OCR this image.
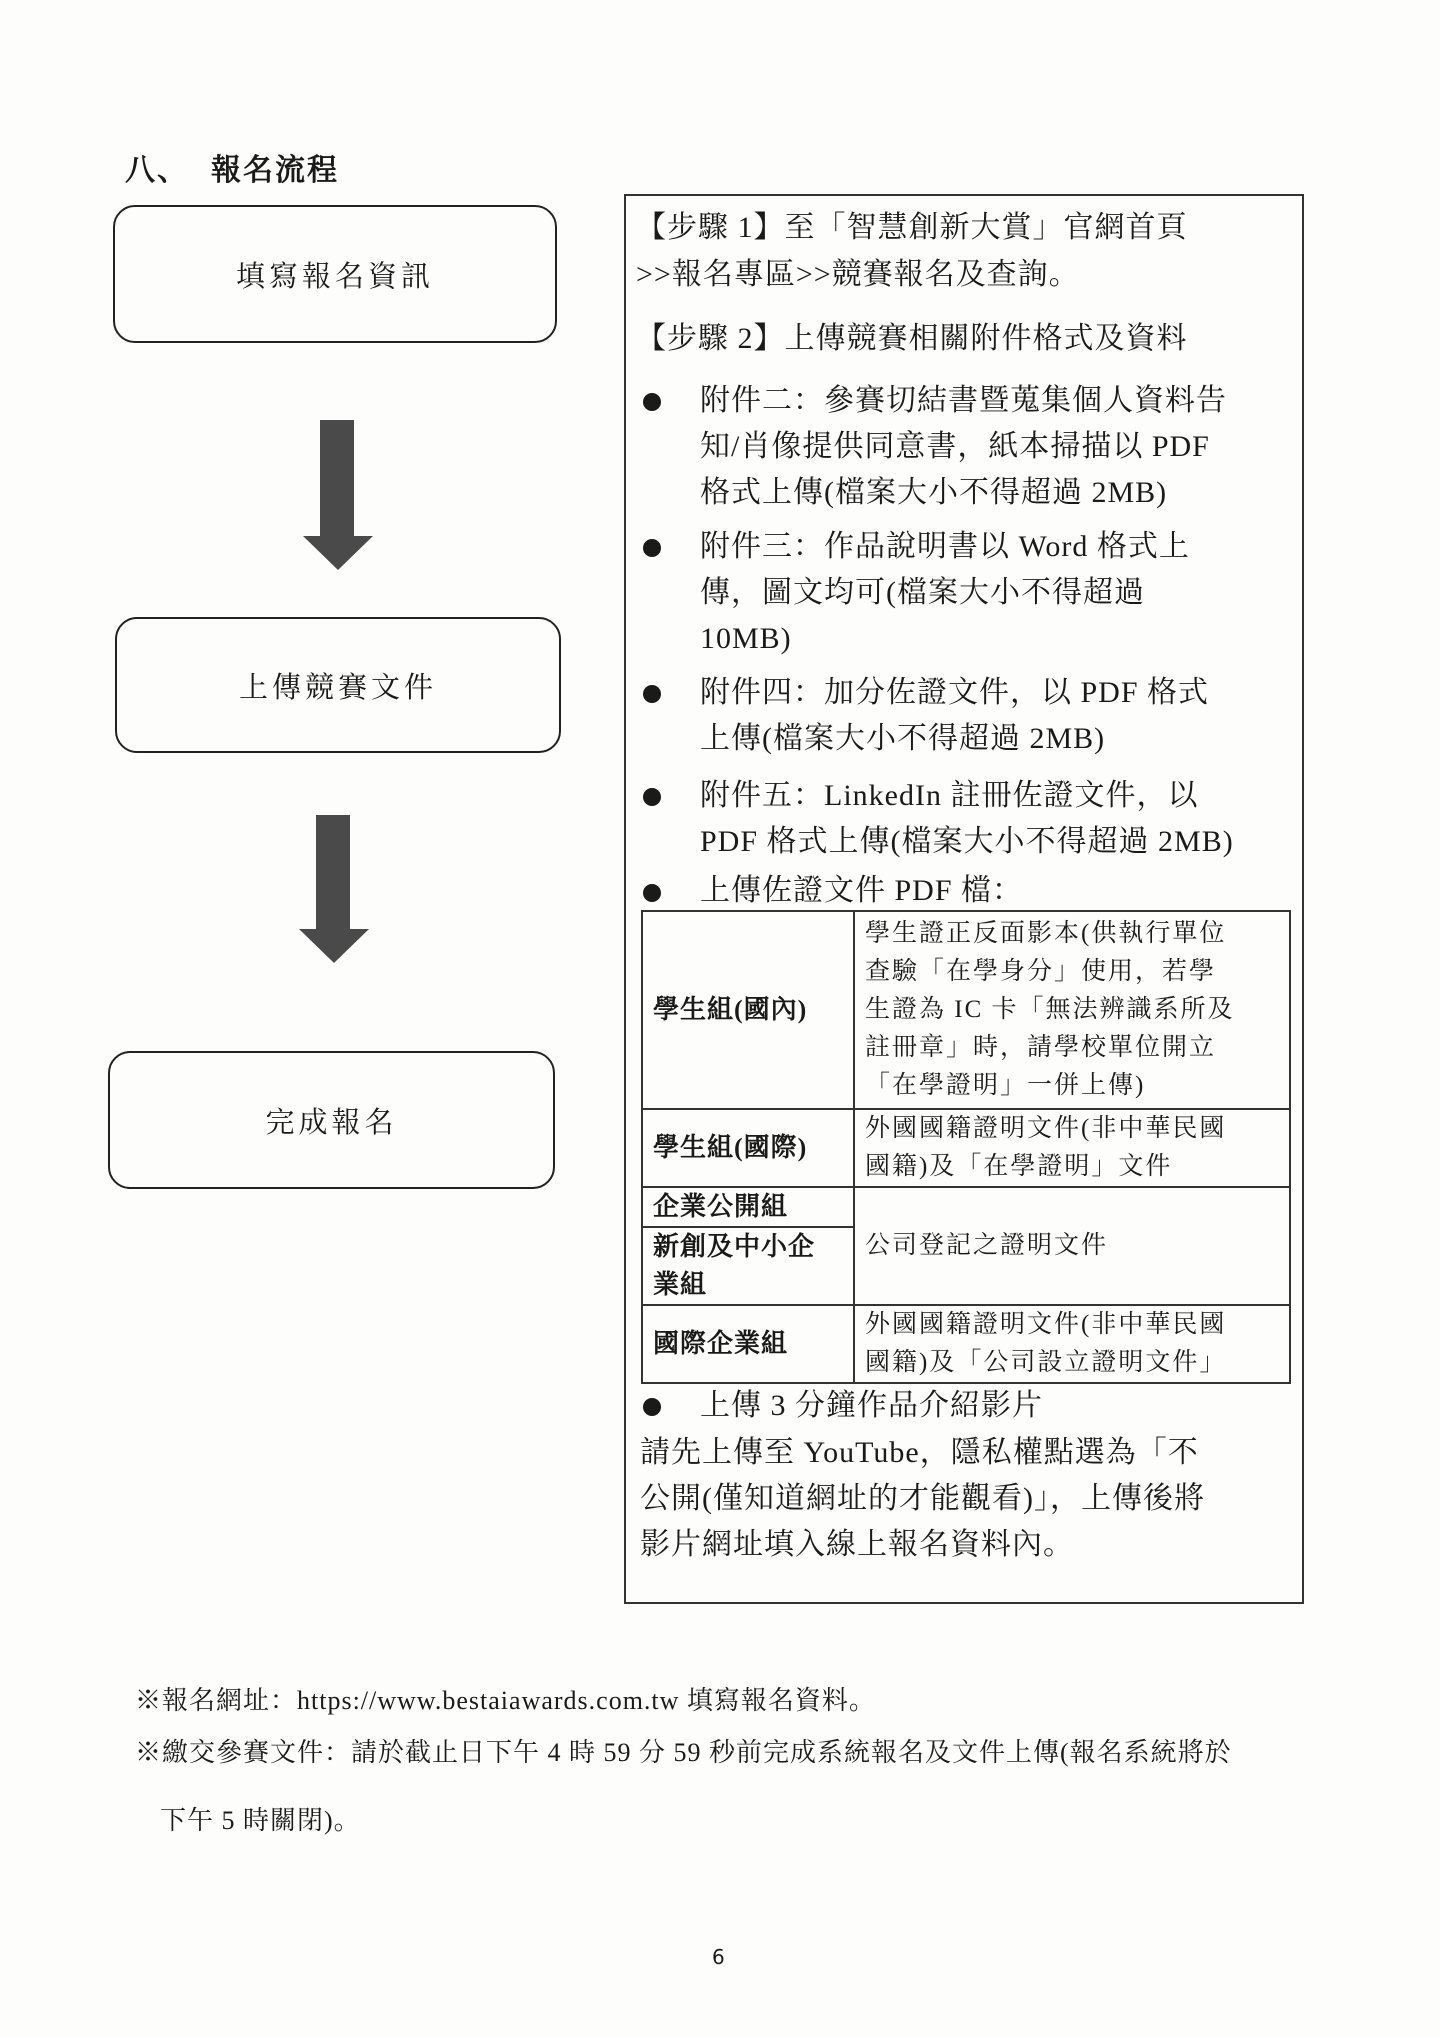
八、 報名流程
填寫報名資訊
上傳競賽文件
完成報名
【步驟 1】至「智慧創新大賞」官網首頁
>>報名專區>>競賽報名及查詢。
【步驟 2】上傳競賽相關附件格式及資料
附件二：參賽切結書暨蒐集個人資料告
知/肖像提供同意書，紙本掃描以 PDF
格式上傳(檔案大小不得超過 2MB)
附件三：作品說明書以 Word 格式上
傳，圖文均可(檔案大小不得超過
10MB)
附件四：加分佐證文件，以 PDF 格式
上傳(檔案大小不得超過 2MB)
附件五：LinkedIn 註冊佐證文件，以
PDF 格式上傳(檔案大小不得超過 2MB)
上傳佐證文件 PDF 檔：
學生組(國內)	學生證正反面影本(供執行單位
查驗「在學身分」使用，若學
生證為 IC 卡「無法辨識系所及
註冊章」時，請學校單位開立
「在學證明」一併上傳)

學生組(國際)	外國國籍證明文件(非中華民國
國籍)及「在學證明」文件

企業公開組	公司登記之證明文件

新創及中小企
業組	

國際企業組	外國國籍證明文件(非中華民國
國籍)及「公司設立證明文件」
上傳 3 分鐘作品介紹影片
請先上傳至 YouTube，隱私權點選為「不
公開(僅知道網址的才能觀看)」，上傳後將
影片網址填入線上報名資料內。
※報名網址：https://www.bestaiawards.com.tw 填寫報名資料。
※繳交參賽文件：請於截止日下午 4 時 59 分 59 秒前完成系統報名及文件上傳(報名系統將於
下午 5 時關閉)。
6
